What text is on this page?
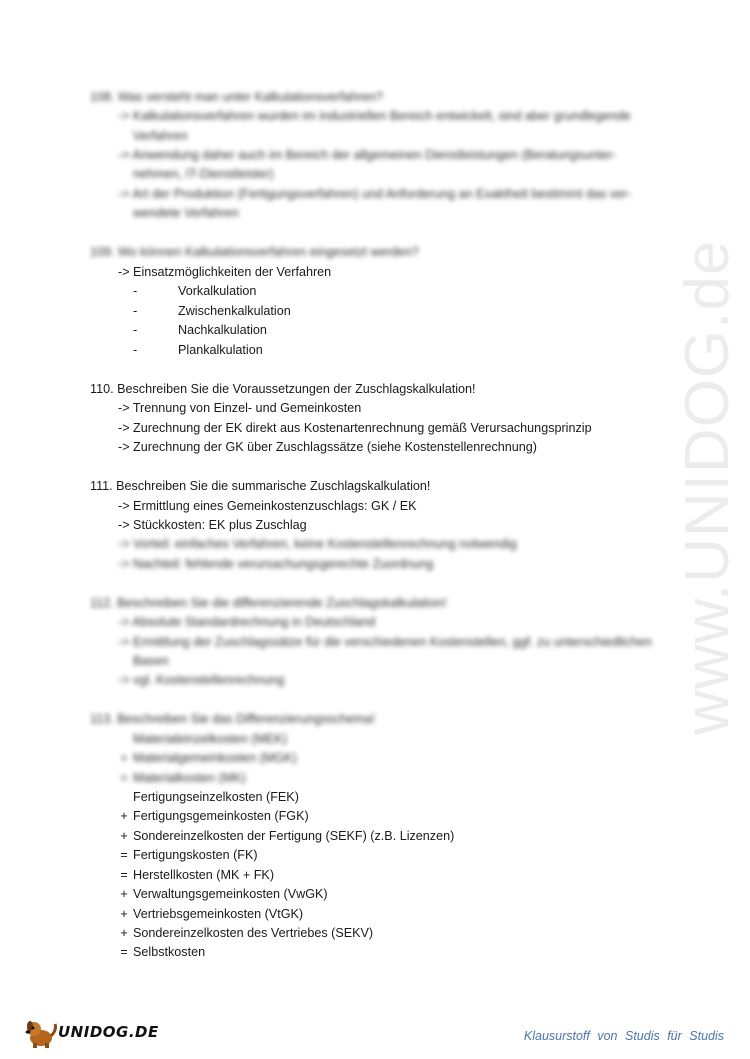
108. Was versteht man unter Kalkulationsverfahren?
-> Kalkulationsverfahren wurden im industriellen Bereich entwickelt, sind aber grundlegende
Verfahren
-> Anwendung daher auch im Bereich der allgemeinen Dienstleistungen (Beratungsunter-
nehmen, IT-Dienstleister)
-> Art der Produktion (Fertigungsverfahren) und Anforderung an Exaktheit bestimmt das ver-
wendete Verfahren
109. Wo können Kalkulationsverfahren eingesetzt werden?
-> Einsatzmöglichkeiten der Verfahren
-	Vorkalkulation
-	Zwischenkalkulation
-	Nachkalkulation
-	Plankalkulation
110. Beschreiben Sie die Voraussetzungen der Zuschlagskalkulation!
-> Trennung von Einzel- und Gemeinkosten
-> Zurechnung der EK direkt aus Kostenartenrechnung gemäß Verursachungsprinzip
-> Zurechnung der GK über Zuschlagssätze (siehe Kostenstellenrechnung)
111. Beschreiben Sie die summarische Zuschlagskalkulation!
-> Ermittlung eines Gemeinkostenzuschlags: GK / EK
-> Stückkosten: EK plus Zuschlag
-> Vorteil: einfaches Verfahren, keine Kostenstellenrechnung notwendig
-> Nachteil: fehlende verursachungsgerechte Zuordnung
112. Beschreiben Sie die differenzierende Zuschlagskalkulation!
-> Absolute Standardrechnung in Deutschland
-> Ermittlung der Zuschlagssätze für die verschiedenen Kostenstellen, ggf. zu unterschiedlichen
Basen
-> vgl. Kostenstellenrechnung
113. Beschreiben Sie das Differenzierungsschema!
Materialeinzelkosten (MEK)
+ Materialgemeinkosten (MGK)
= Materialkosten (MK)
Fertigungseinzelkosten (FEK)
+ Fertigungsgemeinkosten (FGK)
+ Sondereinzelkosten der Fertigung (SEKF) (z.B. Lizenzen)
= Fertigungskosten (FK)
= Herstellkosten (MK + FK)
+ Verwaltungsgemeinkosten (VwGK)
+ Vertriebsgemeinkosten (VtGK)
+ Sondereinzelkosten des Vertriebes (SEKV)
= Selbstkosten
www.UNIDOG.de
UNIDOG.DE	Klausurstoff von Studis für Studis
